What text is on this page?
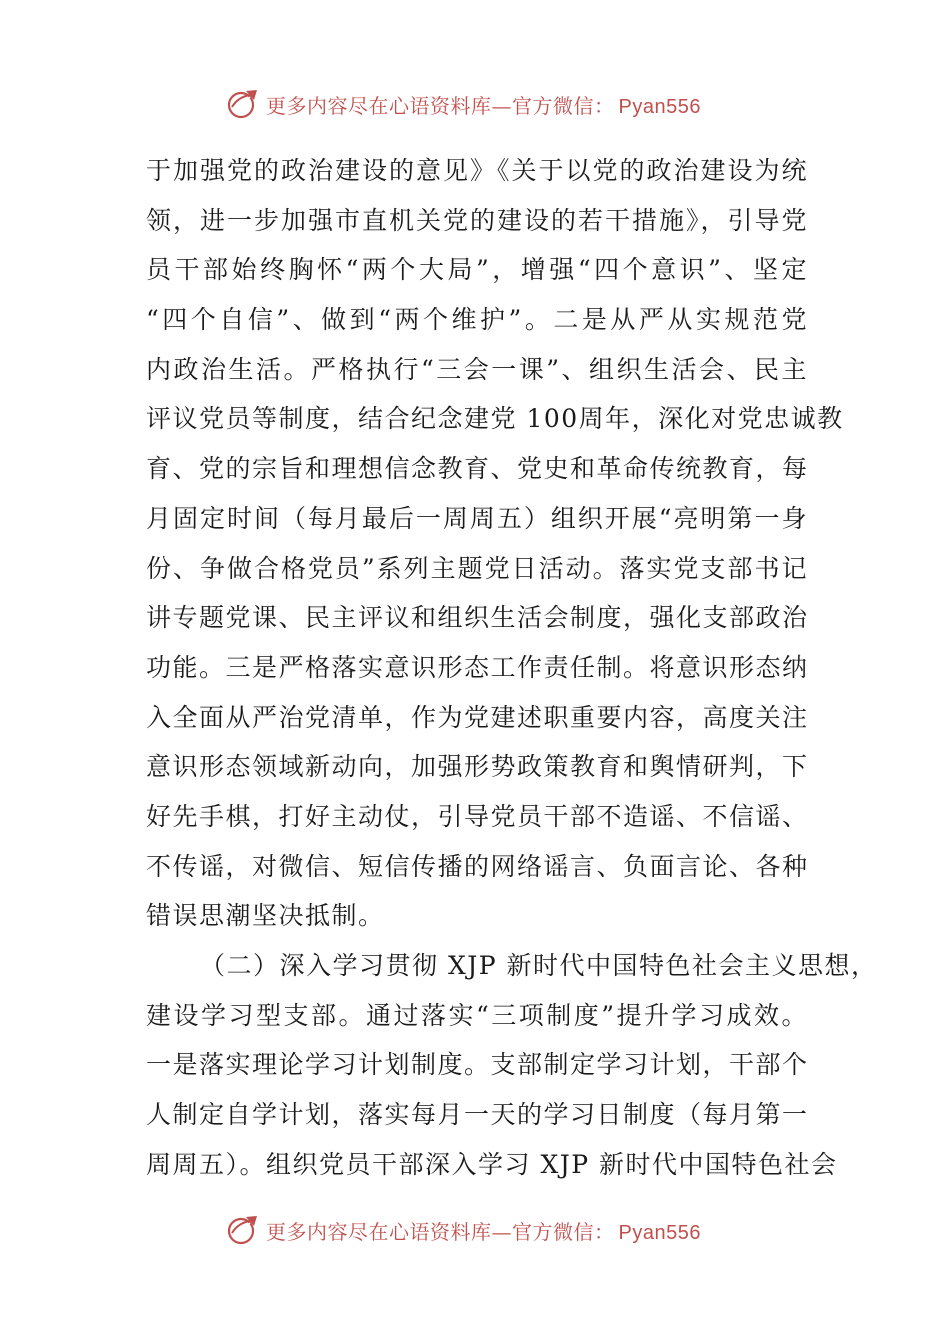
更多内容尽在心语资料库—官方微信： Pyan556
于加强党的政治建设的意见》《关于以党的政治建设为统
领，进一步加强市直机关党的建设的若干措施》，引导党
员干部始终胸怀“两个大局”，增强“四个意识”、坚定
“四个自信”、做到“两个维护”。二是从严从实规范党
内政治生活。严格执行“三会一课”、组织生活会、民主
评议党员等制度，结合纪念建党 100周年，深化对党忠诚教
育、党的宗旨和理想信念教育、党史和革命传统教育，每
月固定时间（每月最后一周周五）组织开展“亮明第一身
份、争做合格党员”系列主题党日活动。落实党支部书记
讲专题党课、民主评议和组织生活会制度，强化支部政治
功能。三是严格落实意识形态工作责任制。将意识形态纳
入全面从严治党清单，作为党建述职重要内容，高度关注
意识形态领域新动向，加强形势政策教育和舆情研判，下
好先手棋，打好主动仗，引导党员干部不造谣、不信谣、
不传谣，对微信、短信传播的网络谣言、负面言论、各种
错误思潮坚决抵制。
（二）深入学习贯彻 XJP 新时代中国特色社会主义思想，
建设学习型支部。通过落实“三项制度”提升学习成效。
一是落实理论学习计划制度。支部制定学习计划，干部个
人制定自学计划，落实每月一天的学习日制度（每月第一
周周五）。组织党员干部深入学习 XJP 新时代中国特色社会
更多内容尽在心语资料库—官方微信： Pyan556
